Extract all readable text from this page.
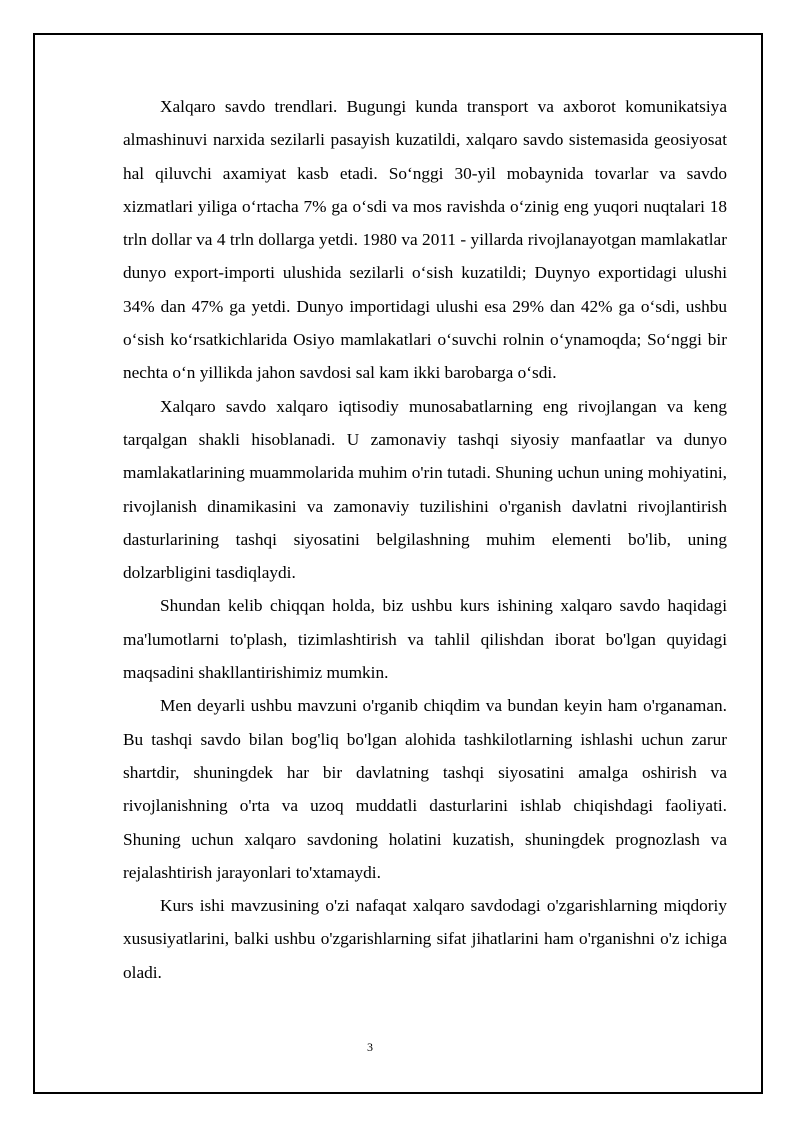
Xalqaro savdo trendlari. Bugungi kunda transport va axborot komunikatsiya almashinuvi narxida sezilarli pasayish kuzatildi, xalqaro savdo sistemasida geosiyosat hal qiluvchi axamiyat kasb etadi. So‘nggi 30-yil mobaynida tovarlar va savdo xizmatlari yiliga o‘rtacha 7% ga o‘sdi va mos ravishda o‘zinig eng yuqori nuqtalari 18 trln dollar va 4 trln dollarga yetdi. 1980 va 2011 - yillarda rivojlanayotgan mamlakatlar dunyo export-importi ulushida sezilarli o‘sish kuzatildi; Duynyo exportidagi ulushi 34% dan 47% ga yetdi. Dunyo importidagi ulushi esa 29% dan 42% ga o‘sdi, ushbu o‘sish ko‘rsatkichlarida Osiyo mamlakatlari o‘suvchi rolnin o‘ynamoqda; So‘nggi bir nechta o‘n yillikda jahon savdosi sal kam ikki barobarga o‘sdi.

Xalqaro savdo xalqaro iqtisodiy munosabatlarning eng rivojlangan va keng tarqalgan shakli hisoblanadi. U zamonaviy tashqi siyosiy manfaatlar va dunyo mamlakatlarining muammolarida muhim o'rin tutadi. Shuning uchun uning mohiyatini, rivojlanish dinamikasini va zamonaviy tuzilishini o'rganish davlatni rivojlantirish dasturlarining tashqi siyosatini belgilashning muhim elementi bo'lib, uning dolzarbligini tasdiqlaydi.

Shundan kelib chiqqan holda, biz ushbu kurs ishining xalqaro savdo haqidagi ma'lumotlarni to'plash, tizimlashtirish va tahlil qilishdan iborat bo'lgan quyidagi maqsadini shakllantirishimiz mumkin.

Men deyarli ushbu mavzuni o'rganib chiqdim va bundan keyin ham o'rganaman. Bu tashqi savdo bilan bog'liq bo'lgan alohida tashkilotlarning ishlashi uchun zarur shartdir, shuningdek har bir davlatning tashqi siyosatini amalga oshirish va rivojlanishning o'rta va uzoq muddatli dasturlarini ishlab chiqishdagi faoliyati. Shuning uchun xalqaro savdoning holatini kuzatish, shuningdek prognozlash va rejalashtirish jarayonlari to'xtamaydi.

Kurs ishi mavzusining o'zi nafaqat xalqaro savdodagi o'zgarishlarning miqdoriy xususiyatlarini, balki ushbu o'zgarishlarning sifat jihatlarini ham o'rganishni o'z ichiga oladi.

3
